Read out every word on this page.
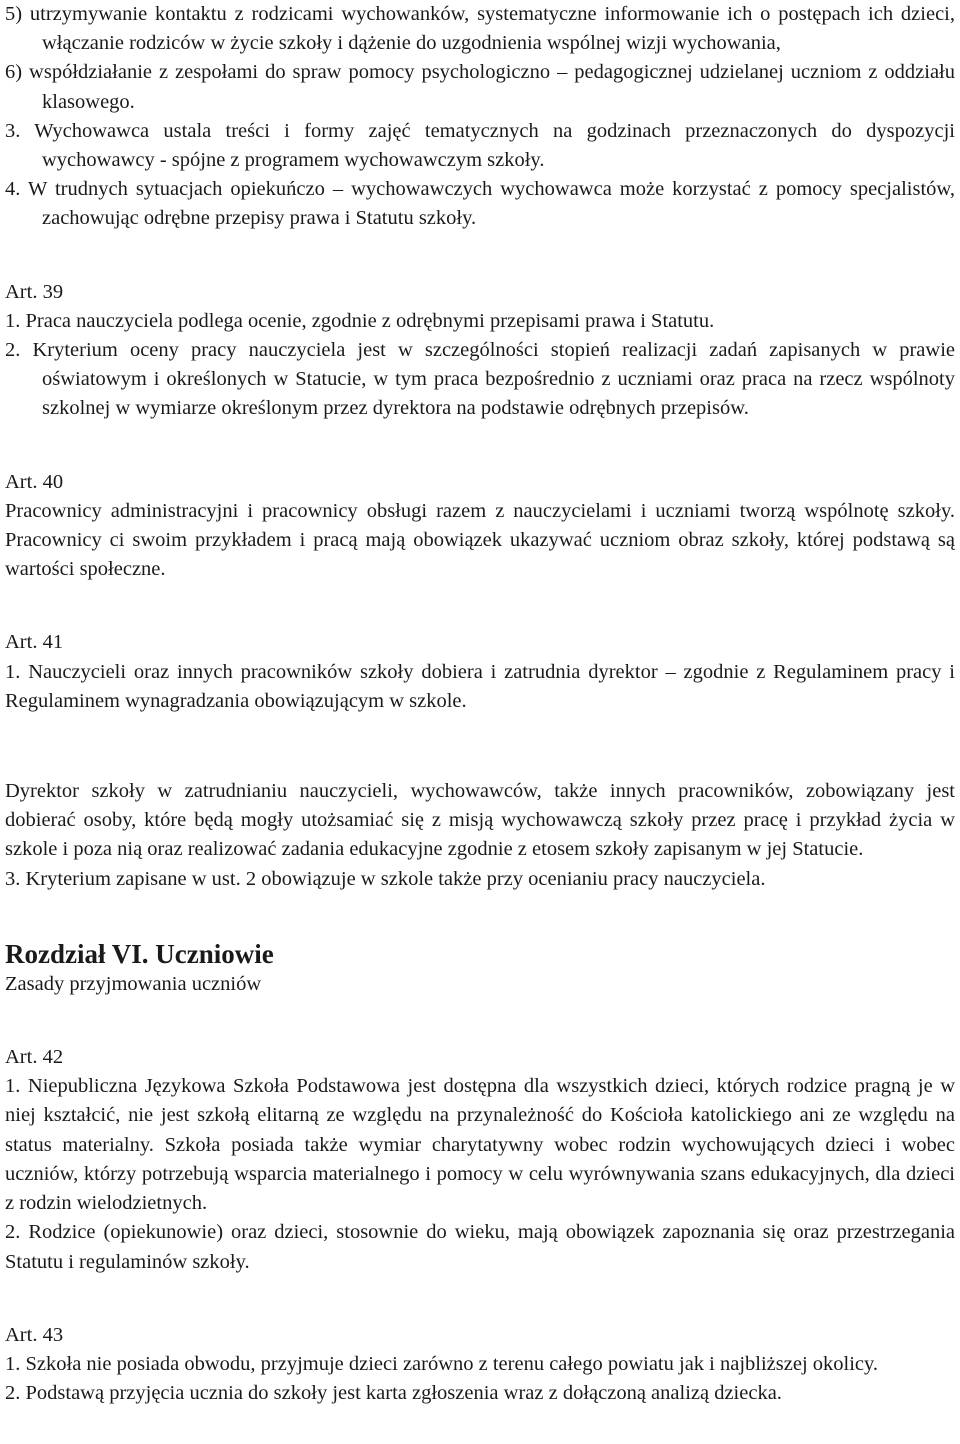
5) utrzymywanie kontaktu z rodzicami wychowanków, systematyczne informowanie ich o postępach ich dzieci, włączanie rodziców w życie szkoły i dążenie do uzgodnienia wspólnej wizji wychowania,

6) współdziałanie z zespołami do spraw pomocy psychologiczno – pedagogicznej udzielanej uczniom z oddziału klasowego.

3. Wychowawca ustala treści i formy zajęć tematycznych na godzinach przeznaczonych do dyspozycji wychowawcy - spójne z programem wychowawczym szkoły.

4. W trudnych sytuacjach opiekuńczo – wychowawczych wychowawca może korzystać z pomocy specjalistów, zachowując odrębne przepisy prawa i Statutu szkoły.

Art. 39

1. Praca nauczyciela podlega ocenie, zgodnie z odrębnymi przepisami prawa i Statutu.

2. Kryterium oceny pracy nauczyciela jest w szczególności stopień realizacji zadań zapisanych w prawie oświatowym i określonych w Statucie, w tym praca bezpośrednio z uczniami oraz praca na rzecz wspólnoty szkolnej w wymiarze określonym przez dyrektora na podstawie odrębnych przepisów.

Art. 40

Pracownicy administracyjni i pracownicy obsługi razem z nauczycielami i uczniami tworzą wspólnotę szkoły. Pracownicy ci swoim przykładem i pracą mają obowiązek ukazywać uczniom obraz szkoły, której podstawą są wartości społeczne.

Art. 41

1. Nauczycieli oraz innych pracowników szkoły dobiera i zatrudnia dyrektor – zgodnie z Regulaminem pracy i Regulaminem wynagradzania obowiązującym w szkole.

Dyrektor szkoły w zatrudnianiu nauczycieli, wychowawców, także innych pracowników, zobowiązany jest dobierać osoby, które będą mogły utożsamiać się z misją wychowawczą szkoły przez pracę i przykład życia w szkole i poza nią oraz realizować zadania edukacyjne zgodnie z etosem szkoły zapisanym w jej Statucie.

3. Kryterium zapisane w ust. 2 obowiązuje w szkole także przy ocenianiu pracy nauczyciela.

Rozdział VI. Uczniowie

Zasady przyjmowania uczniów

Art. 42

1. Niepubliczna Językowa Szkoła Podstawowa jest dostępna dla wszystkich dzieci, których rodzice pragną je w niej kształcić, nie jest szkołą elitarną ze względu na przynależność do Kościoła katolickiego ani ze względu na status materialny. Szkoła posiada także wymiar charytatywny wobec rodzin wychowujących dzieci i wobec uczniów, którzy potrzebują wsparcia materialnego i pomocy w celu wyrównywania szans edukacyjnych, dla dzieci z rodzin wielodzietnych.

2. Rodzice (opiekunowie) oraz dzieci, stosownie do wieku, mają obowiązek zapoznania się oraz przestrzegania Statutu i regulaminów szkoły.

Art. 43

1. Szkoła nie posiada obwodu, przyjmuje dzieci zarówno z terenu całego powiatu jak i najbliższej okolicy.

2. Podstawą przyjęcia ucznia do szkoły jest karta zgłoszenia wraz z dołączoną analizą dziecka.
